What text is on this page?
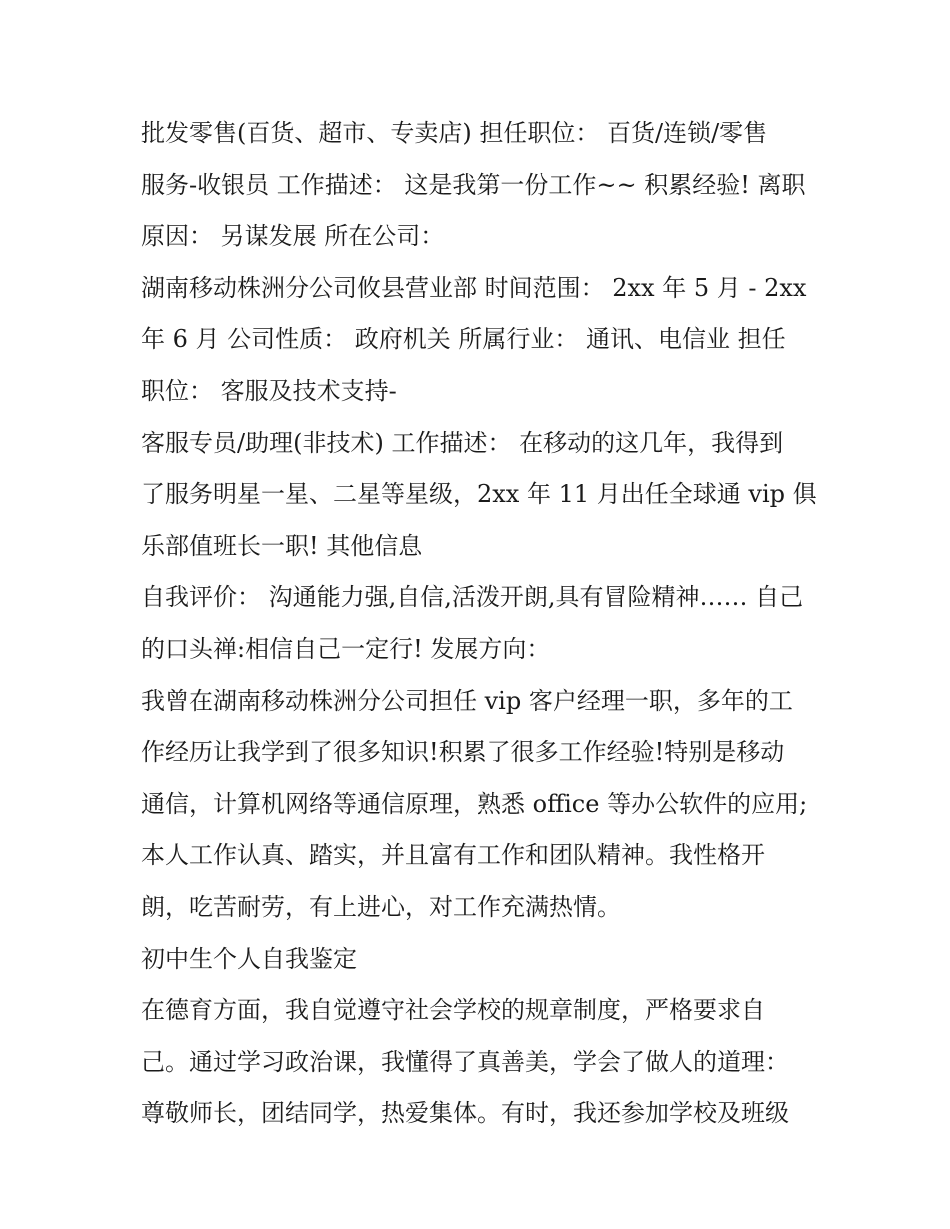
批发零售(百货、超市、专卖店) 担任职位： 百货/连锁/零售
服务-收银员 工作描述： 这是我第一份工作~~ 积累经验! 离职
原因： 另谋发展 所在公司：
湖南移动株洲分公司攸县营业部 时间范围： 2xx 年 5 月 - 2xx
年 6 月 公司性质： 政府机关 所属行业： 通讯、电信业 担任
职位： 客服及技术支持-
客服专员/助理(非技术) 工作描述： 在移动的这几年，我得到
了服务明星一星、二星等星级，2xx 年 11 月出任全球通 vip 俱
乐部值班长一职! 其他信息
自我评价： 沟通能力强,自信,活泼开朗,具有冒险精神…… 自己
的口头禅:相信自己一定行! 发展方向：
我曾在湖南移动株洲分公司担任 vip 客户经理一职，多年的工
作经历让我学到了很多知识!积累了很多工作经验!特别是移动
通信，计算机网络等通信原理，熟悉 office 等办公软件的应用;
本人工作认真、踏实，并且富有工作和团队精神。我性格开
朗，吃苦耐劳，有上进心，对工作充满热情。
初中生个人自我鉴定
在德育方面，我自觉遵守社会学校的规章制度，严格要求自
己。通过学习政治课，我懂得了真善美，学会了做人的道理：
尊敬师长，团结同学，热爱集体。有时，我还参加学校及班级
